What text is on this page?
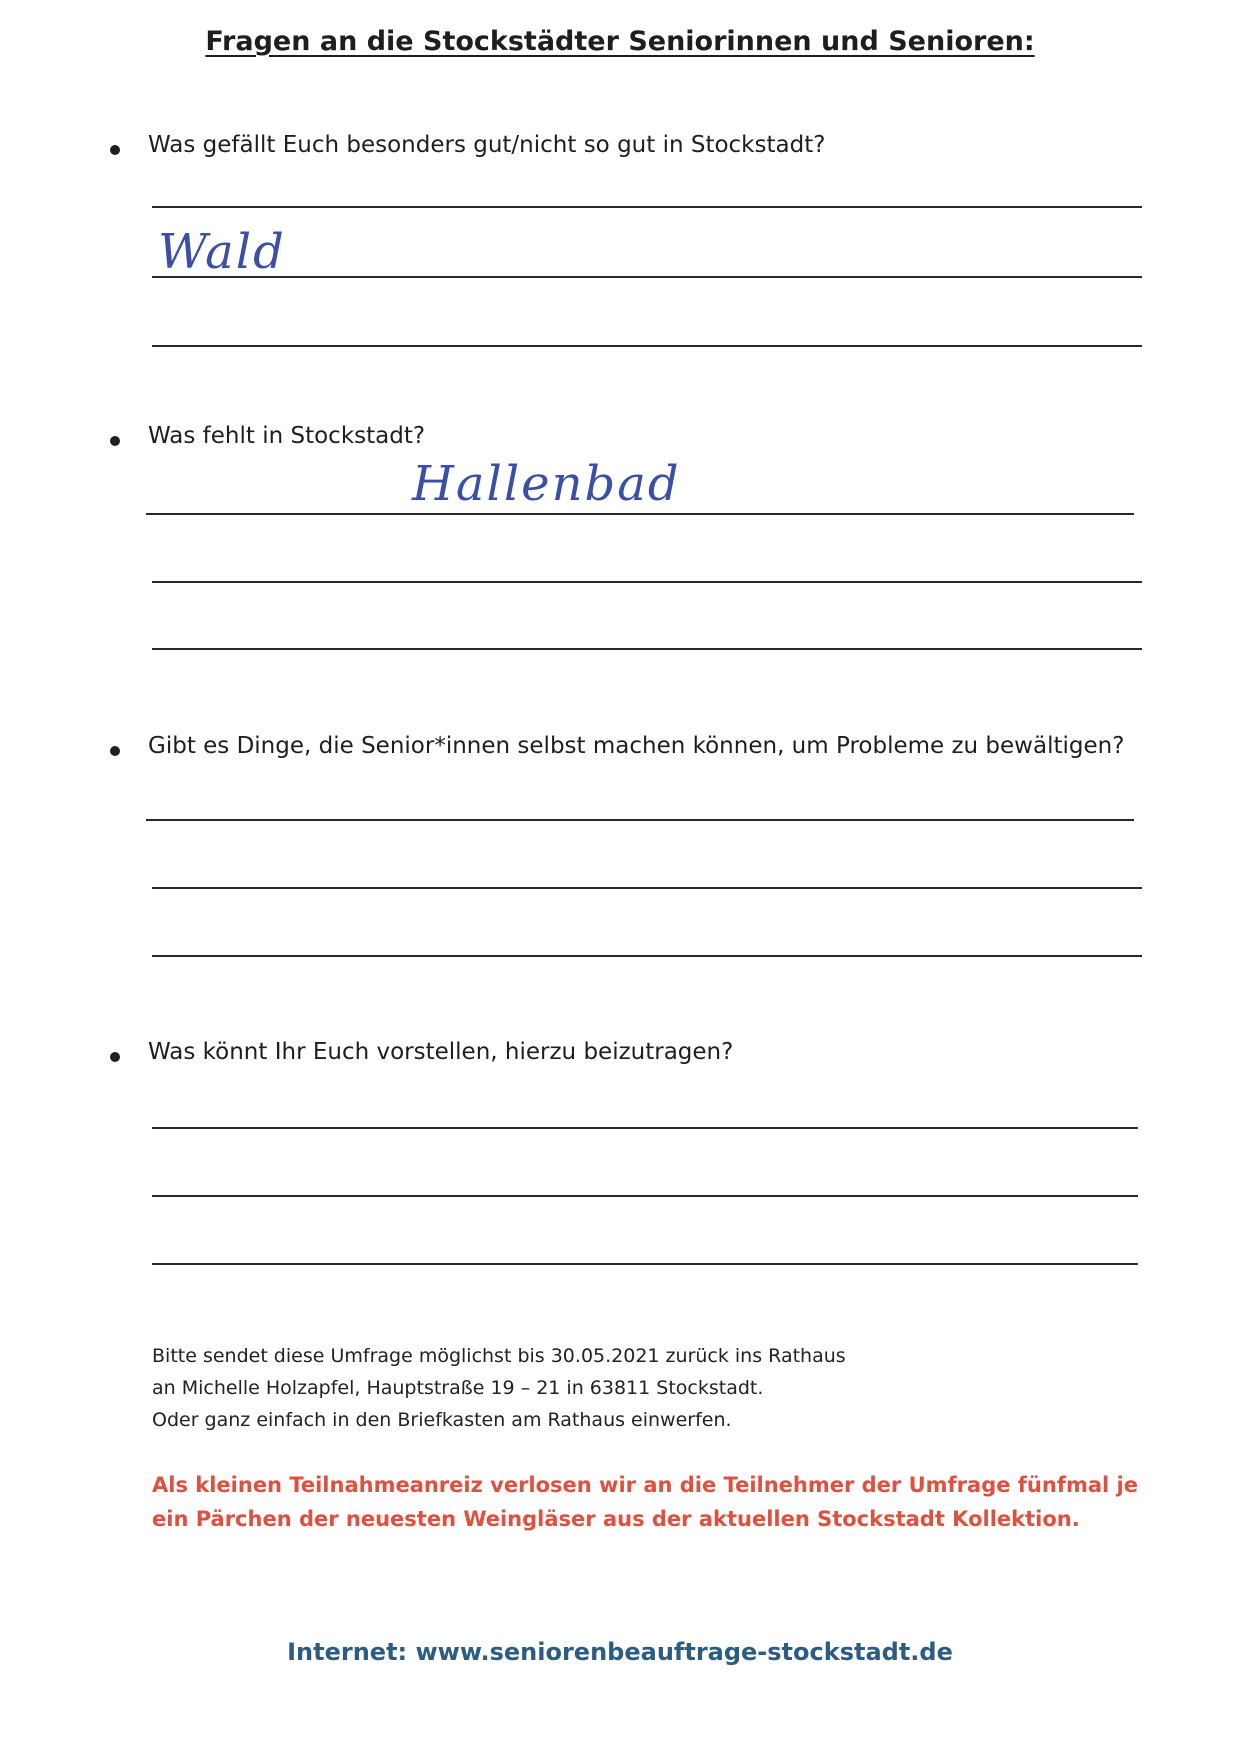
Fragen an die Stockstädter Seniorinnen und Senioren:
Was gefällt Euch besonders gut/nicht so gut in Stockstadt?
Wald
Was fehlt in Stockstadt?
Hallenbad
Gibt es Dinge, die Senior*innen selbst machen können, um Probleme zu bewältigen?
Was könnt Ihr Euch vorstellen, hierzu beizutragen?
Bitte sendet diese Umfrage möglichst bis 30.05.2021 zurück ins Rathaus
an Michelle Holzapfel, Hauptstraße 19 – 21 in 63811 Stockstadt.
Oder ganz einfach in den Briefkasten am Rathaus einwerfen.
Als kleinen Teilnahmeanreiz verlosen wir an die Teilnehmer der Umfrage fünfmal je
ein Pärchen der neuesten Weingläser aus der aktuellen Stockstadt Kollektion.
Internet: www.seniorenbeauftrage-stockstadt.de
